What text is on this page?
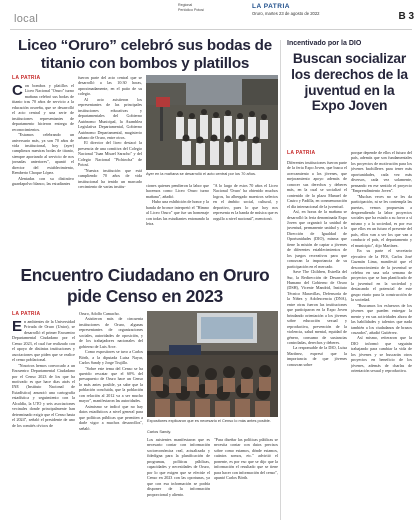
local
Regional
Periódico Potosí	LA PATRIA
Oruro, martes 23 de agosto de 2022	B 3
Liceo “Oruro” celebró sus bodas de titanio con bombos y platillos
LA PATRIA

Con bombos y platillos el Liceo Nacional "Oruro" turno mañana celebró sus bodas de titanio tras 70 años de servicio a la educación orureña, que se desarrolló el acto central y una serie de instituciones representantes de departamento hicieron entrega de reconocimientos.

"Estamos celebrando un aniversario más, ya son 70 años de vida institucional, hoy (ayer) cumplimos nuestras bodas de titanio, siempre aportando al servicio de nos jornadas anteriores", apuntó el director del establecimiento, Remberto Choque López.

Alentadas con su distintivo guardapolvo blanco, las estudiantes

fueron parte del acto central que se desarrolló a las 10:30 horas, aproximadamente, en el patio de su colegio.

Al acto asistieron los representantes de las principales instituciones educativas y departamentales del Gobierno Autónomo Municipal, la Asamblea Legislativa Departamental, Gobierno Autónomo Departamental, magisterio urbano de Oruro, entre otros.

El director del liceo destacó la presencia de una comitiva del Colegio Nacional "Juan Misael Saracho" y del Colegio Nacional "Pichincha" de Potosí.

"Nuestra institución que está cumpliendo 70 años de vida institucional ha tenido un marcado crecimiento de varias institu-

Ayer en la mañana se desarrolló el acto central por los 70 años.

ciones quienes pendieron la labor que hacemos como Liceo Oruro turno mañana", añadió.

Hubo una exhibición de honor y la banda de bronce interpretó el "Himno al Liceo Oruro" que fue un homenaje con todas las estudiantes entonando la letra.

"A lo largo de estos 70 años el Liceo Nacional 'Oruro' ha obtenido muchos logros, ha albergado maestros selectos en el ámbito social, cultural, y deportivo, pues lo que hoy nos representa es la banda de música que es orgullo a nivel nacional", mencionó.

Encuentro Ciudadano en Oruro pide Censo en 2023
LA PATRIA

En ambientes de la Universidad Privada de Oruro (Unior), se desarrolló el primer Encuentro Departamental Ciudadano por el Censo 2023, el cual fue realizado con el apoyo de distintas instituciones y asociaciones que piden que se realice el censo poblacional.

"Nosotros hemos convocado a un Encuentro Departamental Ciudadano por el Censo 2023 de los que ha motivado es que hace dias atrás el INE (Instituto Nacional de Estadística) anunció una cartografía estadística y seguimiento con la Alcaldía, la UTO y seis asociaciones vecinales donde principalmente han determinado exigir que el Censo hasta el 2024", señaló el presidente de uno de los comités cívicos de

Oruro, Adolfo Camacho.

Asistieron más de cincuenta instituciones de Oruro, algunas representantes de organizaciones sociales, autoridades de oposición, y de los trabajadores nacionales del gobierno de Luis Arce.

Como expositores se tuvo a Carlos Börth, a la diputada Luisa Nayar, Carlos Sandy y Jorge Trujillo.

"Sobre este tema del Censo se ha querido rescatar que el 60% del presupuesto de Oruro hace un Censo lo más antes posible, ya sabe que la población concluida, que la población con relación al 2012 va a ser mucho mayor", manifestaron las autoridades.

Asimismo se indicó que no hay datos estadísticos a nivel general para que políticas públicas que permiten a darle vigor a muchos desarrollos", señaló.

Expositores explicaron que es necesario el Censo lo más antes posible.
Carlos Sandy.

Los asistentes manifestaron que es necesario contar con información socioeconómica real, actualizada y fidedigna para la planificación de programas, políticas públicas, capacidades y necesidades de Oruro, por lo que exigen que se efectúe el Censo en 2023 con las oportunas, ya que con esa información se podría disponer de la información proporcional y aliento.

"Para diseñar las políticas públicas se necesita contar con datos precisos sobre como estamos, dónde estamos, cuántos somos, etc." advirtió el ponente, es por eso que se dijo que la información el resultado que se tiene para hacer con información del censo", apuntó Carlos Börth.

Incentivado por la DIO
Buscan socializar los derechos de la juventud en la Expo Joven
LA PATRIA

Diferentes instituciones fueron parte de la feria Expo Joven, que busca el acercamiento a los jóvenes, que mejoramiento apoyo además de conocer sus derechos y deberes más, en la cual se socializó el contenido de la plaza Manuel de Castro y Padilla, en conmemoración el día internacional de la juventud.

Así, en horas de la mañana se desarrolló la feria denominada Expo Joven que organizó la unidad de juventud, permanente unidad y a la Dirección de Igualdad de Oportunidades (DIO), misma que tiene la misión de captar a jóvenes de diferentes establecimientos de los juegos recreativos para que conozcan la importancia de su participación en el mercado.

Save The Children, Estrella del Sur, la Redirección de Desarrollo Humano del Gobierno de Oruro (DSH), Vicente Mandrid, Instituto Técnico Maravillas, Defensoría de la Niñez y Adolescencia (DNA), entre otras fueron las instituciones que participaron en la Expo Joven brindando orientación a los jóvenes sobre educación sexual y reproductiva, prevención de la violencia, salud mental, equidad de género, consumo de sustancias controladas, derechos y deberes.

La responsable de la DIO, Luisa Martínez, expresó que la importancia de que jóvenes conozcan sobre

porque depende de ellos el futuro del país, además que son fundamentales los proyectos de motivación para los jóvenes bachilleres para tener más oportunidades, cada vez más diversos, cada vez solamente, pensando en ese sentido el proyecto "Emprendimiento Joven".

"Muchas veces no se les da participación, ni se les contempla las puertas, vemos propuestas a desprendiendo la labor proyectos sociales que ha estado a su favor a sí mismo y a la sociedad, es por eso que ellos en un futuro el presente del país, ellos van a ser los que van a conducir el país, el departamento y el municipio", dijo Martínez.

En su parte el secretario ejecutivo de la FES, Carlos José Guzmán Lima, manifestó que el desconocimiento de la juventud se celebra en una sola semana de proyectos que se han planificado de la juventud en la sociedad y destacando el potencial de este grupo etario para la construcción de la sociedad.

"Buscamos los esfuerzos de los jóvenes que pueden entregar la mente y en sus actividades ahora de las habilidades y talentos que nada también a los ciudadanos de brazos cruzados", añadió Gutiérrez.

Así mismo, reiteraron que la DIO informó que seguirán trabajando para cambiar la vida de los jóvenes y se buscarán otros proyectos en beneficio de los jóvenes, además de charlas de orientación sexual y reproductiva.
